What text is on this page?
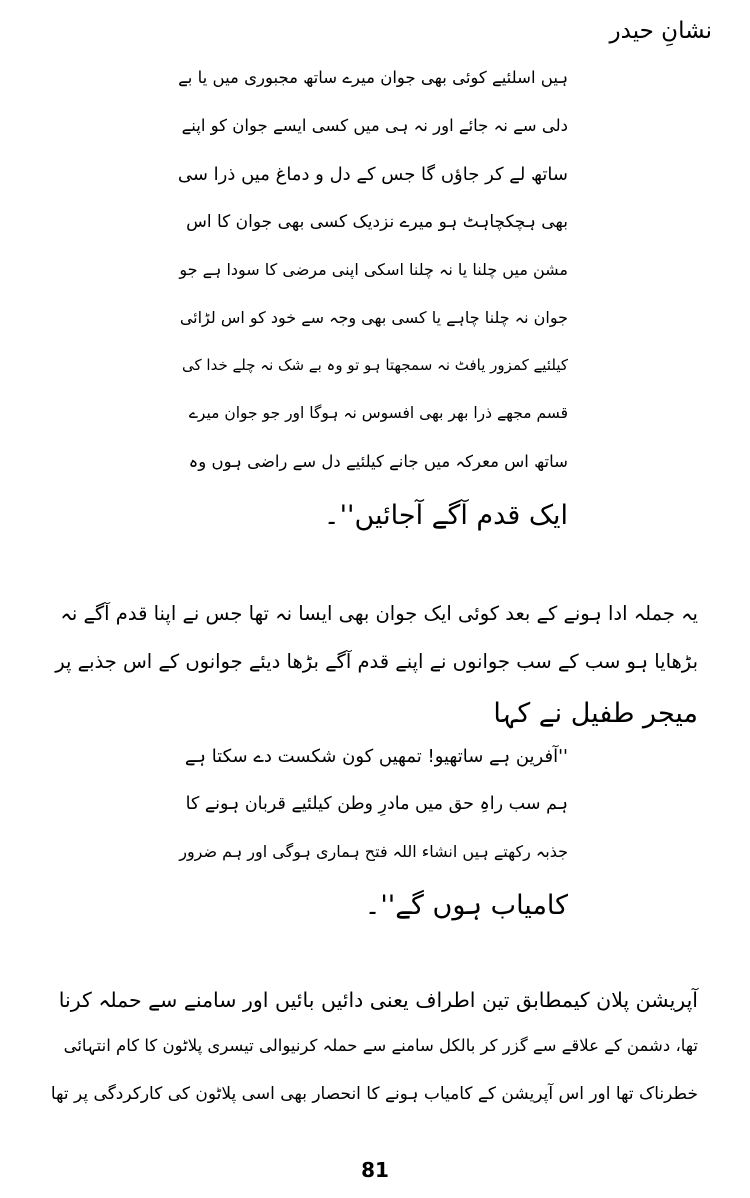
نشانِ حیدر
ہیں اسلئیے کوئی بھی جوان میرے ساتھ مجبوری میں یا بے
دلی سے نہ جائے اور نہ ہی میں کسی ایسے جوان کو اپنے
ساتھ لے کر جاؤں گا جس کے دل و دماغ میں ذرا سی
بھی ہچکچاہٹ ہو میرے نزدیک کسی بھی جوان کا اس
مشن میں چلنا یا نہ چلنا اسکی اپنی مرضی کا سودا ہے جو
جوان نہ چلنا چاہے یا کسی بھی وجہ سے خود کو اس لڑائی
کیلئیے کمزور یافٹ نہ سمجھتا ہو تو وہ بے شک نہ چلے خدا کی
قسم مجھے ذرا بھر بھی افسوس نہ ہوگا اور جو جوان میرے
ساتھ اس معرکہ میں جانے کیلئیے دل سے راضی ہوں وہ
ایک قدم آگے آجائیں''۔
یہ جملہ ادا ہونے کے بعد کوئی ایک جوان بھی ایسا نہ تھا جس نے اپنا قدم آگے نہ
بڑھایا ہو سب کے سب جوانوں نے اپنے قدم آگے بڑھا دیئے جوانوں کے اس جذبے پر
میجر طفیل نے کہا
''آفرین ہے ساتھیو! تمھیں کون شکست دے سکتا ہے
ہم سب راہِ حق میں مادرِ وطن کیلئیے قربان ہونے کا
جذبہ رکھتے ہیں انشاء اللہ فتح ہماری ہوگی اور ہم ضرور
کامیاب ہوں گے''۔
آپریشن پلان کیمطابق تین اطراف یعنی دائیں بائیں اور سامنے سے حملہ کرنا
تھا، دشمن کے علاقے سے گزر کر بالکل سامنے سے حملہ کرنیوالی تیسری پلاٹون کا کام انتہائی
خطرناک تھا اور اس آپریشن کے کامیاب ہونے کا انحصار بھی اسی پلاٹون کی کارکردگی پر تھا
81
